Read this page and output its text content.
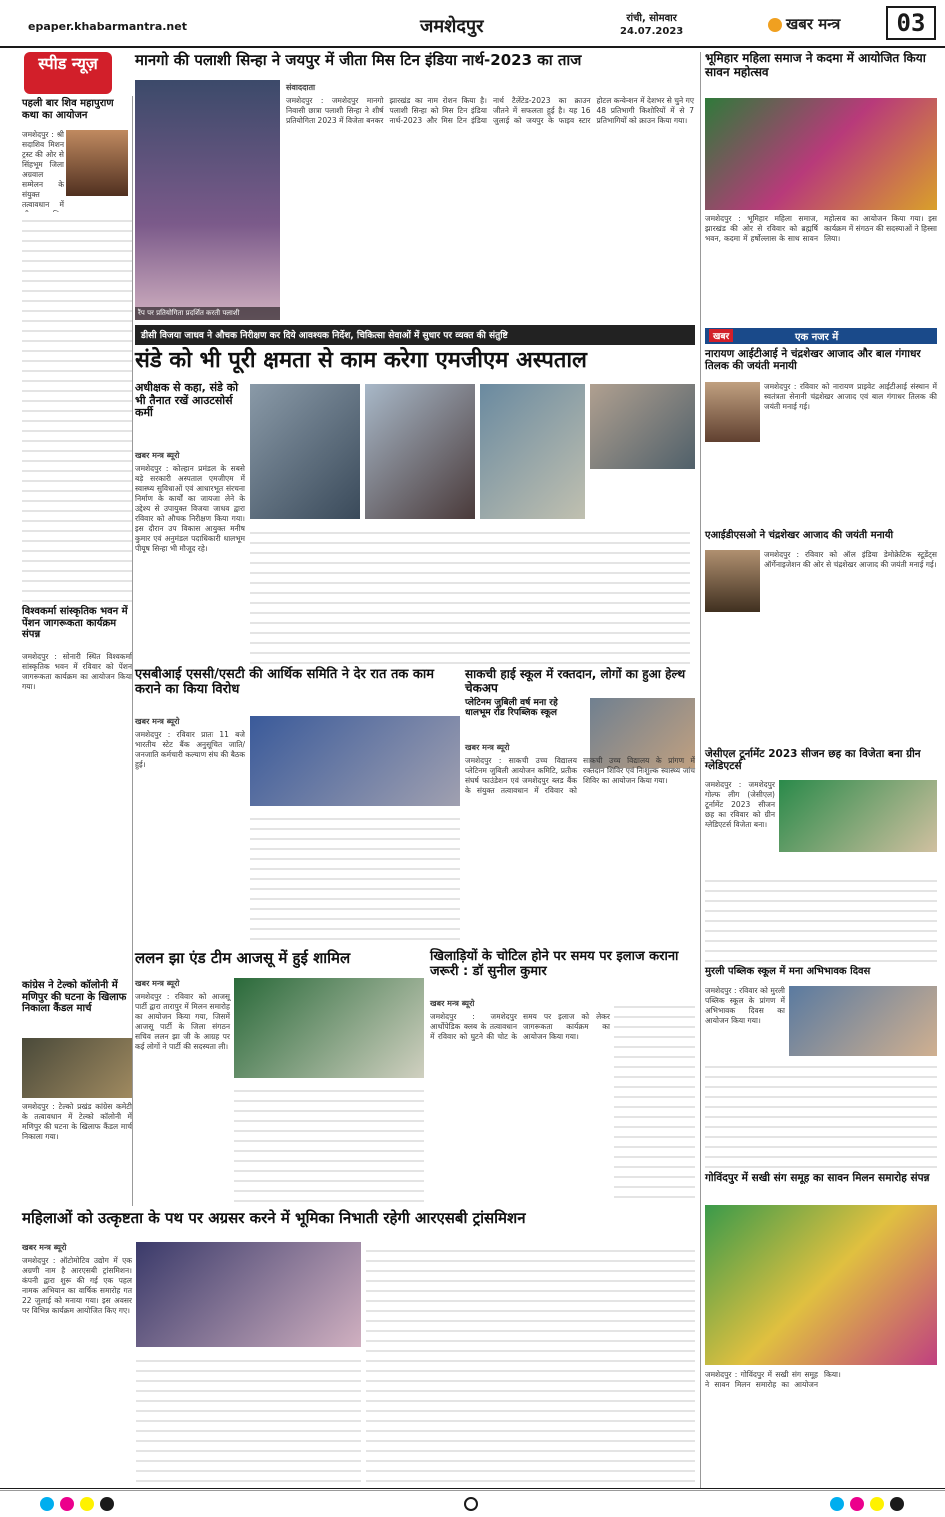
epaper.khabarmantra.net	जमशेदपुर	रांची, सोमवार
24.07.2023	खबर मन्त्र	03
स्पीड न्यूज़	मानगो की पलाशी सिन्हा ने जयपुर में जीता मिस टिन इंडिया नार्थ-2023 का ताज
रैंप पर प्रतियोगिता प्रदर्शित करती पलाशी
संवाददाता
जमशेदपुर : जमशेदपुर मानगो निवासी छात्रा पलाशी सिन्हा ने शीर्ष प्रतियोगिता 2023 में विजेता बनकर झारखंड का नाम रोशन किया है। पलाशी सिन्हा को मिस टिन इंडिया नार्थ-2023 और मिस टिन इंडिया नार्थ टैलेंटेड-2023 का क्राउन जीतने में सफलता हुई है। यह 16 जुलाई को जयपुर के फाइव स्टार होटल कन्वेन्शन में देशभर से चुने गए 48 प्रतिभागी किशोरियों में से 7 प्रतिभागियों को क्राउन किया गया।
भूमिहार महिला समाज ने कदमा में आयोजित किया सावन महोत्सव
जमशेदपुर : भूमिहार महिला समाज, झारखंड की ओर से रविवार को ब्रह्मर्षि भवन, कदमा में हर्षोल्लास के साथ सावन महोत्सव का आयोजन किया गया। इस कार्यक्रम में संगठन की सदस्याओं ने हिस्सा लिया।
पहली बार शिव महापुराण कथा का आयोजन
जमशेदपुर : श्री सदाशिव मिशन ट्रस्ट की ओर से सिंहभूम जिला अग्रवाल सम्मेलन के संयुक्त तत्वावधान में
विश्वकर्मा सांस्कृतिक भवन में पेंशन जागरूकता कार्यक्रम संपन्न
जमशेदपुर : सोनारी स्थित विश्वकर्मा सांस्कृतिक भवन में रविवार को पेंशन जागरूकता कार्यक्रम का आयोजन किया गया।
कांग्रेस ने टेल्को कॉलोनी में मणिपुर की घटना के खिलाफ निकाला कैंडल मार्च
जमशेदपुर : टेल्को प्रखंड कांग्रेस कमेटी के तत्वावधान में टेल्को कॉलोनी में मणिपुर की घटना के खिलाफ कैंडल मार्च निकाला गया।
डीसी विजया जाधव ने औचक निरीक्षण कर दिये आवश्यक निर्देश, चिकित्सा सेवाओं में सुधार पर व्यक्त की संतुष्टि
संडे को भी पूरी क्षमता से काम करेगा एमजीएम अस्पताल
अधीक्षक से कहा, संडे को भी तैनात रखें आउटसोर्स कर्मी
खबर मन्त्र ब्यूरो
जमशेदपुर : कोल्हान प्रमंडल के सबसे बड़े सरकारी अस्पताल एमजीएम में स्वास्थ्य सुविधाओं एवं आधारभूत संरचना निर्माण के कार्यों का जायजा लेने के उद्देश्य से उपायुक्त विजया जाधव द्वारा रविवार को औचक निरीक्षण किया गया। इस दौरान उप विकास आयुक्त मनीष कुमार एवं अनुमंडल पदाधिकारी धालभूम पीयूष सिन्हा भी मौजूद रहे।
एसबीआई एससी/एसटी की आर्थिक समिति ने देर रात तक काम कराने का किया विरोध
खबर मन्त्र ब्यूरो
जमशेदपुर : रविवार प्रातः 11 बजे भारतीय स्टेट बैंक अनुसूचित जाति/जनजाति कर्मचारी कल्याण संघ की बैठक हुई।
साकची हाई स्कूल में रक्तदान, लोगों का हुआ हेल्थ चेकअप
प्लेटिनम जुबिली वर्ष मना रहे धालभूम रोड रिपब्लिक स्कूल
खबर मन्त्र ब्यूरो
जमशेदपुर : साकची उच्च विद्यालय प्लेटिनम जुबिली आयोजन कमिटि, प्रतीक संघर्ष फाउंडेशन एवं जमशेदपुर ब्लड बैंक के संयुक्त तत्वावधान में रविवार को साकची उच्च विद्यालय के प्रांगण में रक्तदान शिविर एवं निःशुल्क स्वास्थ्य जांच शिविर का आयोजन किया गया।
ललन झा एंड टीम आजसू में हुई शामिल
खबर मन्त्र ब्यूरो
जमशेदपुर : रविवार को आजसू पार्टी द्वारा तारापुर में मिलन समारोह का आयोजन किया गया, जिसमें आजसू पार्टी के जिला संगठन सचिव ललन झा जी के आग्रह पर कई लोगों ने पार्टी की सदस्यता ली।
खिलाड़ियों के चोटिल होने पर समय पर इलाज कराना जरूरी : डॉ सुनील कुमार
खबर मन्त्र ब्यूरो
जमशेदपुर : जमशेदपुर आर्थोपेडिक क्लब के तत्वावधान में रविवार को घुटने की चोट के समय पर इलाज को लेकर जागरूकता कार्यक्रम का आयोजन किया गया।
खबर	एक नजर में
नारायण आईटीआई ने चंद्रशेखर आजाद और बाल गंगाधर तिलक की जयंती मनायी
जमशेदपुर : रविवार को नारायण प्राइवेट आईटीआई संस्थान में स्वतंत्रता सेनानी चंद्रशेखर आजाद एवं बाल गंगाधर तिलक की जयंती मनाई गई।
एआईडीएसओ ने चंद्रशेखर आजाद की जयंती मनायी
जमशेदपुर : रविवार को ऑल इंडिया डेमोक्रेटिक स्टूडेंट्स ऑर्गेनाइजेशन की ओर से चंद्रशेखर आजाद की जयंती मनाई गई।
जेसीएल टूर्नामेंट 2023 सीजन छह का विजेता बना ग्रीन ग्लेडिएटर्स
जमशेदपुर : जमशेदपुर गोल्फ लीग (जेसीएल) टूर्नामेंट 2023 सीजन छह का रविवार को ग्रीन ग्लेडिएटर्स विजेता बना।
मुरली पब्लिक स्कूल में मना अभिभावक दिवस
जमशेदपुर : रविवार को मुरली पब्लिक स्कूल के प्रांगण में अभिभावक दिवस का आयोजन किया गया।
गोविंदपुर में सखी संग समूह का सावन मिलन समारोह संपन्न
जमशेदपुर : गोविंदपुर में सखी संग समूह ने सावन मिलन समारोह का आयोजन किया।
महिलाओं को उत्कृष्टता के पथ पर अग्रसर करने में भूमिका निभाती रहेगी आरएसबी ट्रांसमिशन
खबर मन्त्र ब्यूरो
जमशेदपुर : ऑटोमोटिव उद्योग में एक अग्रणी नाम है आरएसबी ट्रांसमिशन। कंपनी द्वारा शुरू की गई एक पहल नामक अभियान का वार्षिक समारोह गत 22 जुलाई को मनाया गया। इस अवसर पर विभिन्न कार्यक्रम आयोजित किए गए।
